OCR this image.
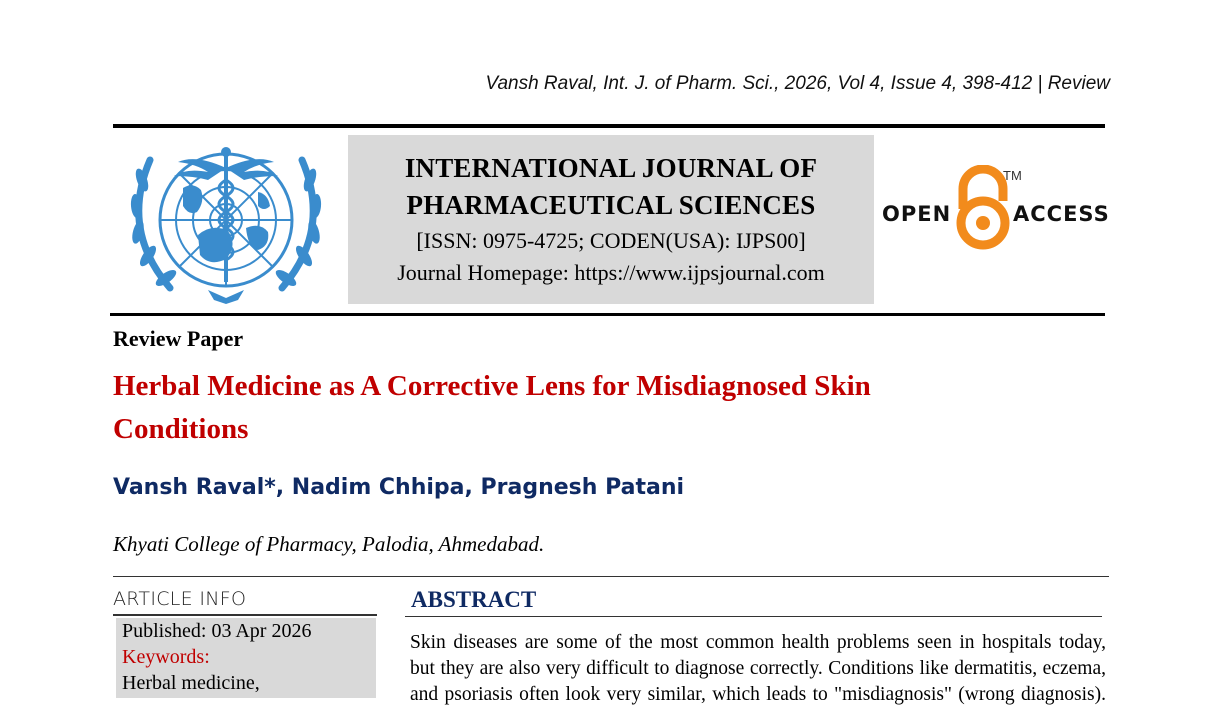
Vansh Raval, Int. J. of Pharm. Sci., 2026, Vol 4, Issue 4, 398-412 | Review
INTERNATIONAL JOURNAL OF
PHARMACEUTICAL SCIENCES
[ISSN: 0975-4725; CODEN(USA): IJPS00]
Journal Homepage: https://www.ijpsjournal.com
OPEN
TM
ACCESS
Review Paper
Herbal Medicine as A Corrective Lens for Misdiagnosed Skin
Conditions
Vansh Raval*, Nadim Chhipa, Pragnesh Patani
Khyati College of Pharmacy, Palodia, Ahmedabad.
ARTICLE INFO
Published: 03 Apr 2026
Keywords:
Herbal medicine,
ABSTRACT
Skin diseases are some of the most common health problems seen in hospitals today,
but they are also very difficult to diagnose correctly. Conditions like dermatitis, eczema,
and psoriasis often look very similar, which leads to "misdiagnosis" (wrong diagnosis).
